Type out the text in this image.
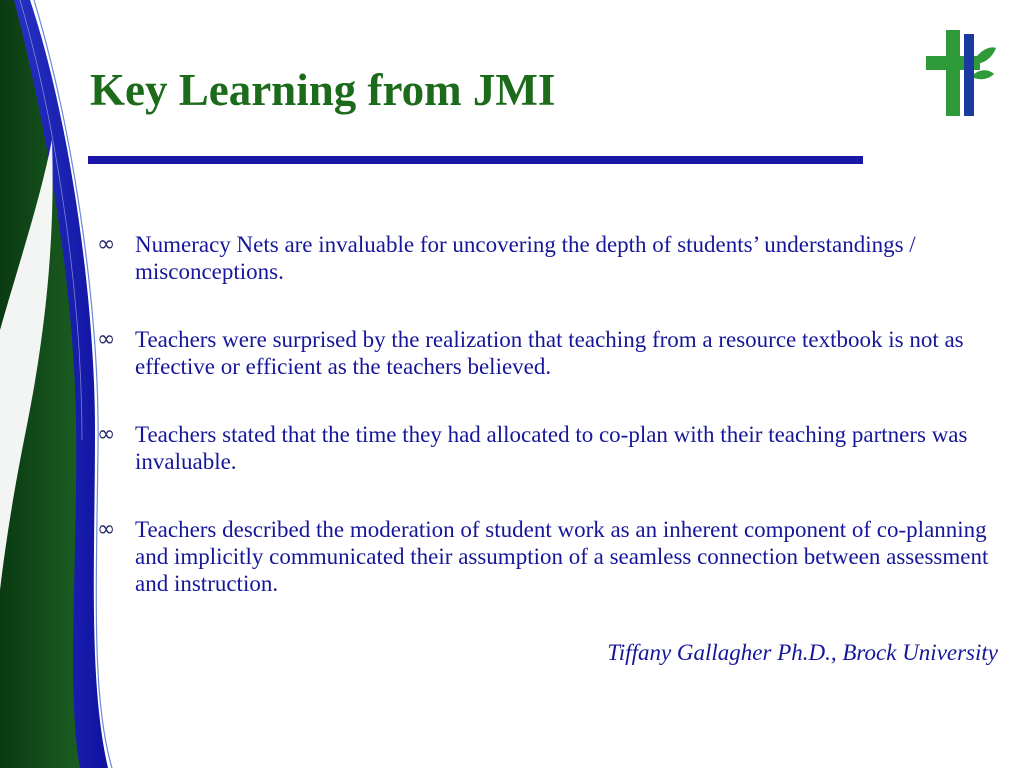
Key Learning from JMI
∞ Numeracy Nets are invaluable for uncovering the depth of students’ understandings / misconceptions.
∞ Teachers were surprised by the realization that teaching from a resource textbook is not as effective or efficient as the teachers believed.
∞ Teachers stated that the time they had allocated to co-plan with their teaching partners was invaluable.
∞ Teachers described the moderation of student work as an inherent component of co-planning and implicitly communicated their assumption of a seamless connection between assessment and instruction.

Tiffany Gallagher Ph.D., Brock University
